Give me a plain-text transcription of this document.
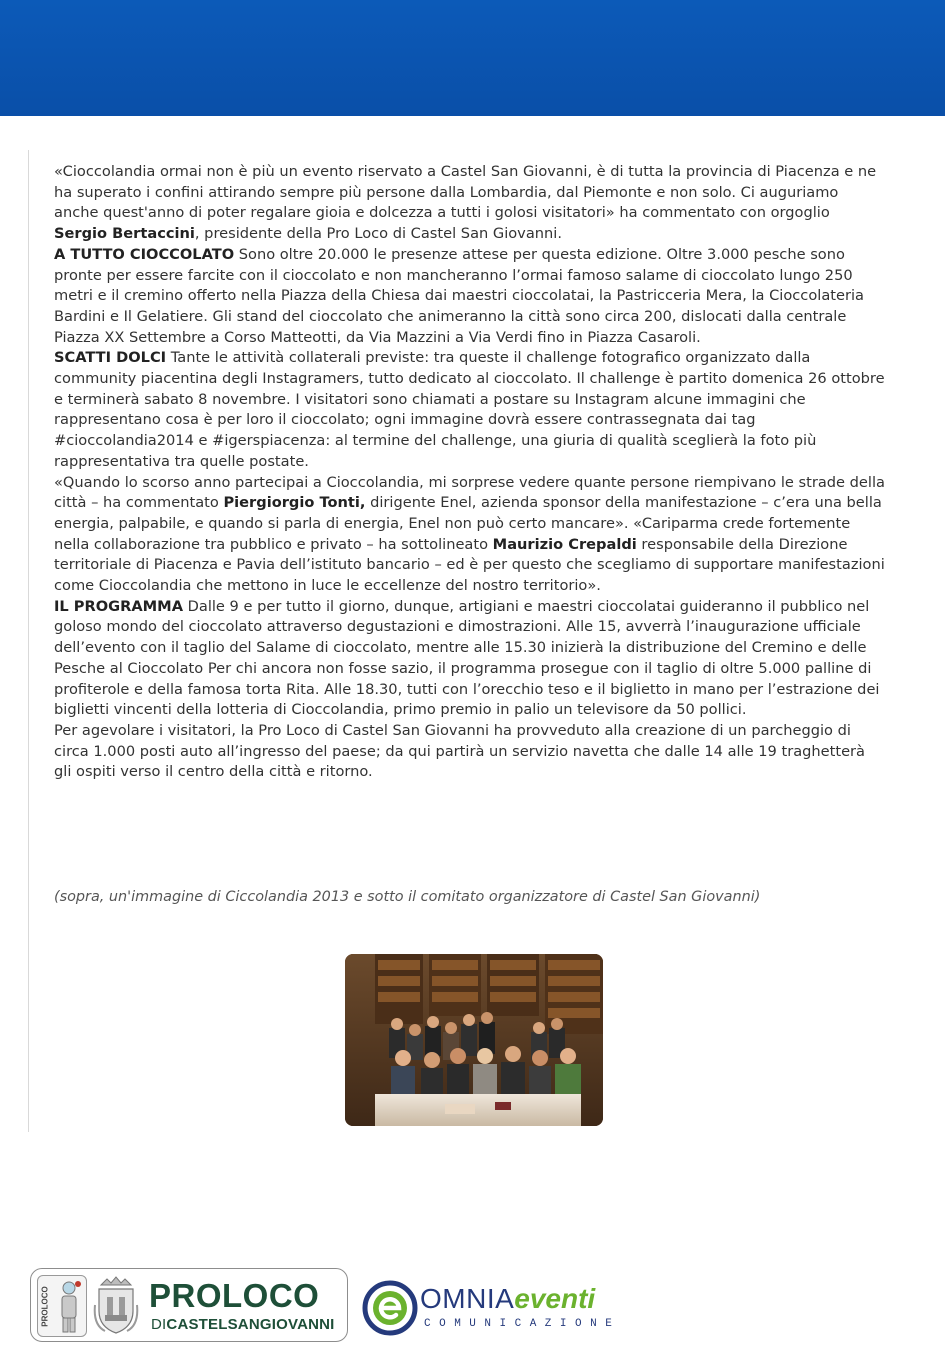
«Cioccolandia ormai non è più un evento riservato a Castel San Giovanni, è di tutta la provincia di Piacenza e ne ha superato i confini attirando sempre più persone dalla Lombardia, dal Piemonte e non solo. Ci auguriamo anche quest'anno di poter regalare gioia e dolcezza a tutti i golosi visitatori» ha commentato con orgoglio Sergio Bertaccini, presidente della Pro Loco di Castel San Giovanni.

A TUTTO CIOCCOLATO Sono oltre 20.000 le presenze attese per questa edizione. Oltre 3.000 pesche sono pronte per essere farcite con il cioccolato e non mancheranno l’ormai famoso salame di cioccolato lungo 250 metri e il cremino offerto nella Piazza della Chiesa dai maestri cioccolatai, la Pastricceria Mera, la Cioccolateria Bardini e Il Gelatiere. Gli stand del cioccolato che animeranno la città sono circa 200, dislocati dalla centrale Piazza XX Settembre a Corso Matteotti, da Via Mazzini a Via Verdi fino in Piazza Casaroli.

SCATTI DOLCI Tante le attività collaterali previste: tra queste il challenge fotografico organizzato dalla community piacentina degli Instagramers, tutto dedicato al cioccolato. Il challenge è partito domenica 26 ottobre e terminerà sabato 8 novembre. I visitatori sono chiamati a postare su Instagram alcune immagini che rappresentano cosa è per loro il cioccolato; ogni immagine dovrà essere contrassegnata dai tag #cioccolandia2014 e #igerspiacenza: al termine del challenge, una giuria di qualità sceglierà la foto più rappresentativa tra quelle postate.

«Quando lo scorso anno partecipai a Cioccolandia, mi sorprese vedere quante persone riempivano le strade della città – ha commentato Piergiorgio Tonti, dirigente Enel, azienda sponsor della manifestazione – c’era una bella energia, palpabile, e quando si parla di energia, Enel non può certo mancare». «Cariparma crede fortemente nella collaborazione tra pubblico e privato – ha sottolineato Maurizio Crepaldi responsabile della Direzione territoriale di Piacenza e Pavia dell’istituto bancario – ed è per questo che scegliamo di supportare manifestazioni come Cioccolandia che mettono in luce le eccellenze del nostro territorio».

IL PROGRAMMA Dalle 9 e per tutto il giorno, dunque, artigiani e maestri cioccolatai guideranno il pubblico nel goloso mondo del cioccolato attraverso degustazioni e dimostrazioni. Alle 15, avverrà l’inaugurazione ufficiale dell’evento con il taglio del Salame di cioccolato, mentre alle 15.30 inizierà la distribuzione del Cremino e delle Pesche al Cioccolato Per chi ancora non fosse sazio, il programma prosegue con il taglio di oltre 5.000 palline di profiterole e della famosa torta Rita. Alle 18.30, tutti con l’orecchio teso e il biglietto in mano per l’estrazione dei biglietti vincenti della lotteria di Cioccolandia, primo premio in palio un televisore da 50 pollici.

Per agevolare i visitatori, la Pro Loco di Castel San Giovanni ha provveduto alla creazione di un parcheggio di circa 1.000 posti auto all’ingresso del paese; da qui partirà un servizio navetta che dalle 14 alle 19 traghetterà gli ospiti verso il centro della città e ritorno.

(sopra, un'immagine di Ciccolandia 2013 e sotto il comitato organizzatore di Castel San Giovanni)
PROLOCO	PROLOCO
DICASTELSANGIOVANNI
OMNIAeventi
COMUNICAZIONE
